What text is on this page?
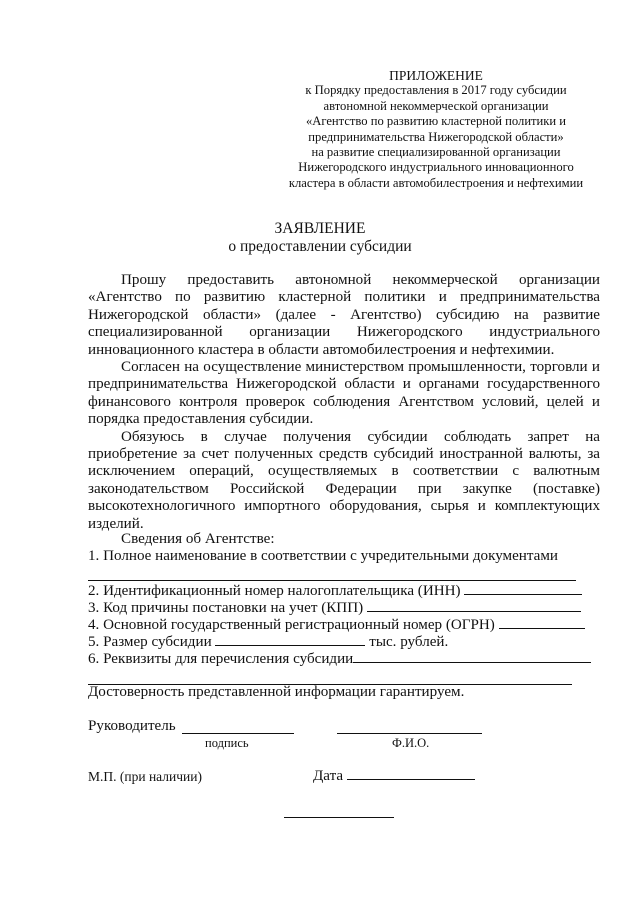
ПРИЛОЖЕНИЕ
к Порядку предоставления в 2017 году субсидии
автономной некоммерческой организации
«Агентство по развитию кластерной политики и
предпринимательства Нижегородской области»
на развитие специализированной организации
Нижегородского индустриального инновационного
кластера в области автомобилестроения и нефтехимии
ЗАЯВЛЕНИЕ
о предоставлении субсидии

Прошу предоставить автономной некоммерческой организации «Агентство по развитию кластерной политики и предпринимательства Нижегородской области» (далее - Агентство) субсидию на развитие специализированной организации Нижегородского индустриального инновационного кластера в области автомобилестроения и нефтехимии.

Согласен на осуществление министерством промышленности, торговли и предпринимательства Нижегородской области и органами государственного финансового контроля проверок соблюдения Агентством условий, целей и порядка предоставления субсидии.

Обязуюсь в случае получения субсидии соблюдать запрет на приобретение за счет полученных средств субсидий иностранной валюты, за исключением операций, осуществляемых в соответствии с валютным законодательством Российской Федерации при закупке (поставке) высокотехнологичного импортного оборудования, сырья и комплектующих изделий.

Сведения об Агентстве:
1. Полное наименование в соответствии с учредительными документами
2. Идентификационный номер налогоплательщика (ИНН)
3. Код причины постановки на учет (КПП)
4. Основной государственный регистрационный номер (ОГРН)
5. Размер субсидии	тыс. рублей.
6. Реквизиты для перечисления субсидии
Достоверность представленной информации гарантируем.
Руководитель
подпись	Ф.И.О.
М.П. (при наличии)	Дата
